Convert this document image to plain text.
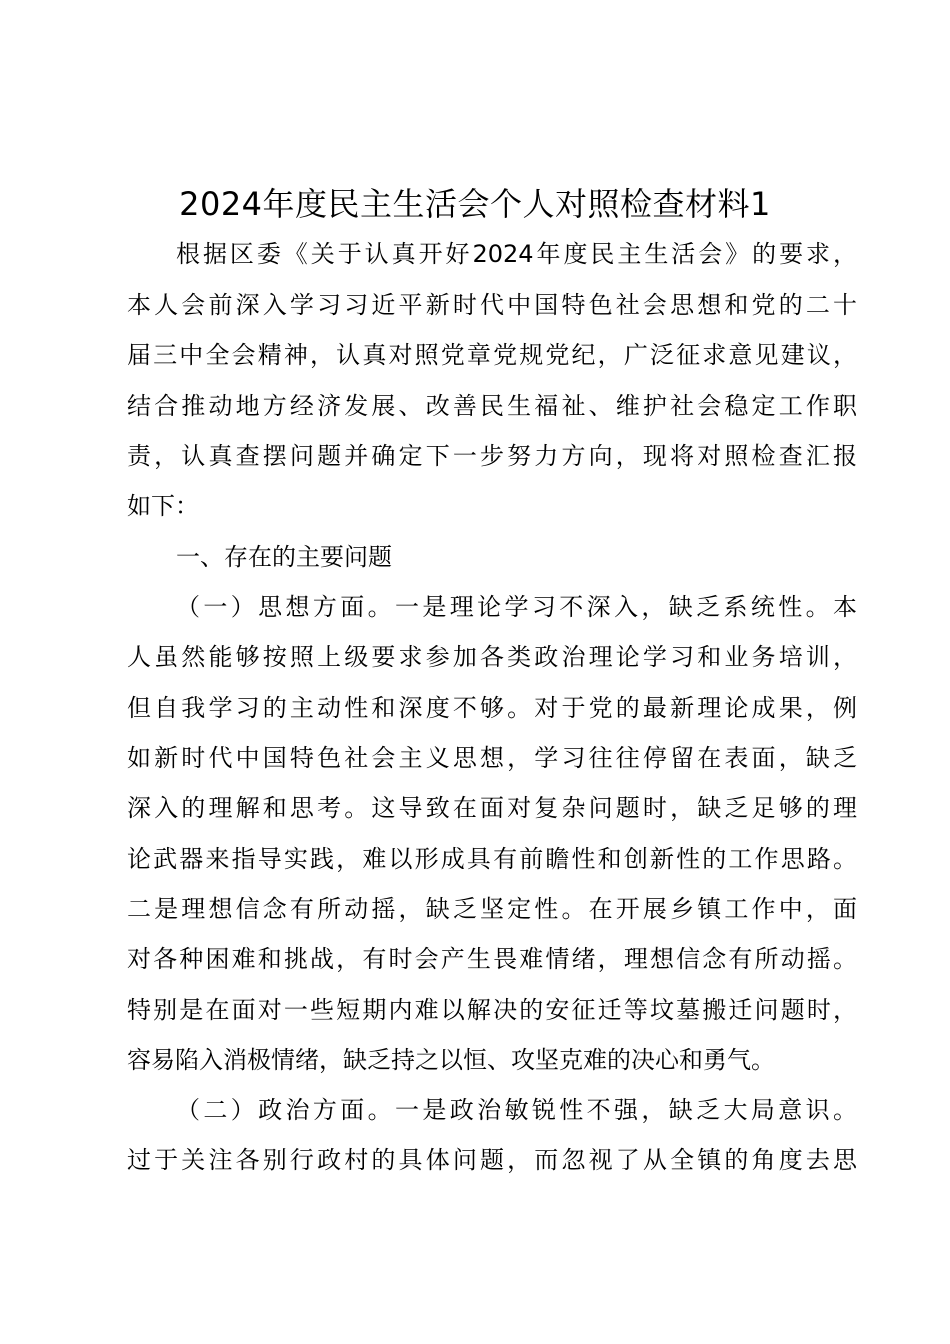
2024年度民主生活会个人对照检查材料1

根据区委《关于认真开好2024年度民主生活会》的要求，

本人会前深入学习习近平新时代中国特色社会思想和党的二十

届三中全会精神，认真对照党章党规党纪，广泛征求意见建议，

结合推动地方经济发展、改善民生福祉、维护社会稳定工作职

责，认真查摆问题并确定下一步努力方向，现将对照检查汇报

如下：

一、存在的主要问题

（一）思想方面。一是理论学习不深入，缺乏系统性。本

人虽然能够按照上级要求参加各类政治理论学习和业务培训，

但自我学习的主动性和深度不够。对于党的最新理论成果，例

如新时代中国特色社会主义思想，学习往往停留在表面，缺乏

深入的理解和思考。这导致在面对复杂问题时，缺乏足够的理

论武器来指导实践，难以形成具有前瞻性和创新性的工作思路。

二是理想信念有所动摇，缺乏坚定性。在开展乡镇工作中，面

对各种困难和挑战，有时会产生畏难情绪，理想信念有所动摇。

特别是在面对一些短期内难以解决的安征迁等坟墓搬迁问题时，

容易陷入消极情绪，缺乏持之以恒、攻坚克难的决心和勇气。

（二）政治方面。一是政治敏锐性不强，缺乏大局意识。

过于关注各别行政村的具体问题，而忽视了从全镇的角度去思
